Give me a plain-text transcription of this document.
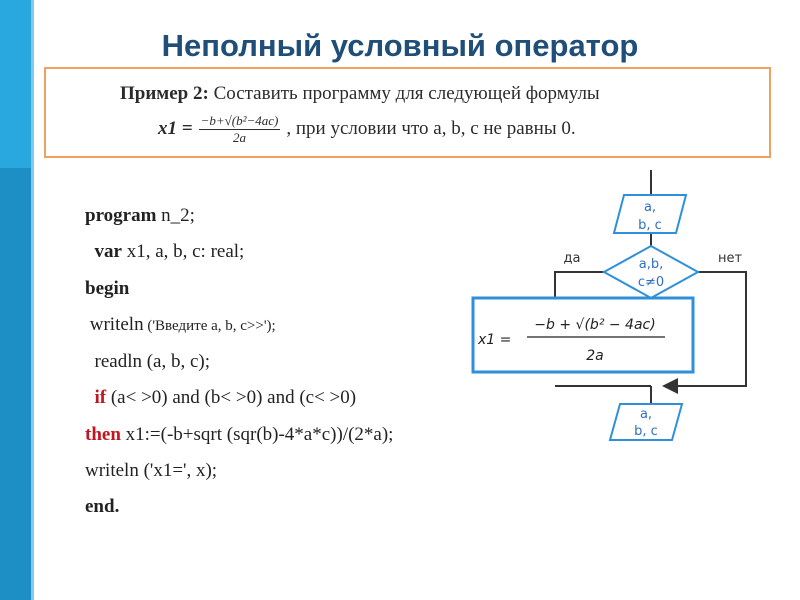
Неполный условный оператор
Пример 2: Составить программу для следующей формулы
$x1 = \frac{\text{−b+√(b²−4ac)}}{2a}$ , при условии что a, b, c не равны 0.
program n_2;
var x1, a, b, c: real;
begin
writeln ('Введите a, b, c>>');
readln (a, b, c);
if (a< >0) and (b< >0) and (c< >0)
then x1:=(-b+sqrt (sqr(b)-4*a*c))/(2*a);
writeln ('x1=', x);
end.
a,
b, c
a,b,
c≠0
да	нет
x1 =
−b + √(b² − 4ac)
2a
a,
b, c
